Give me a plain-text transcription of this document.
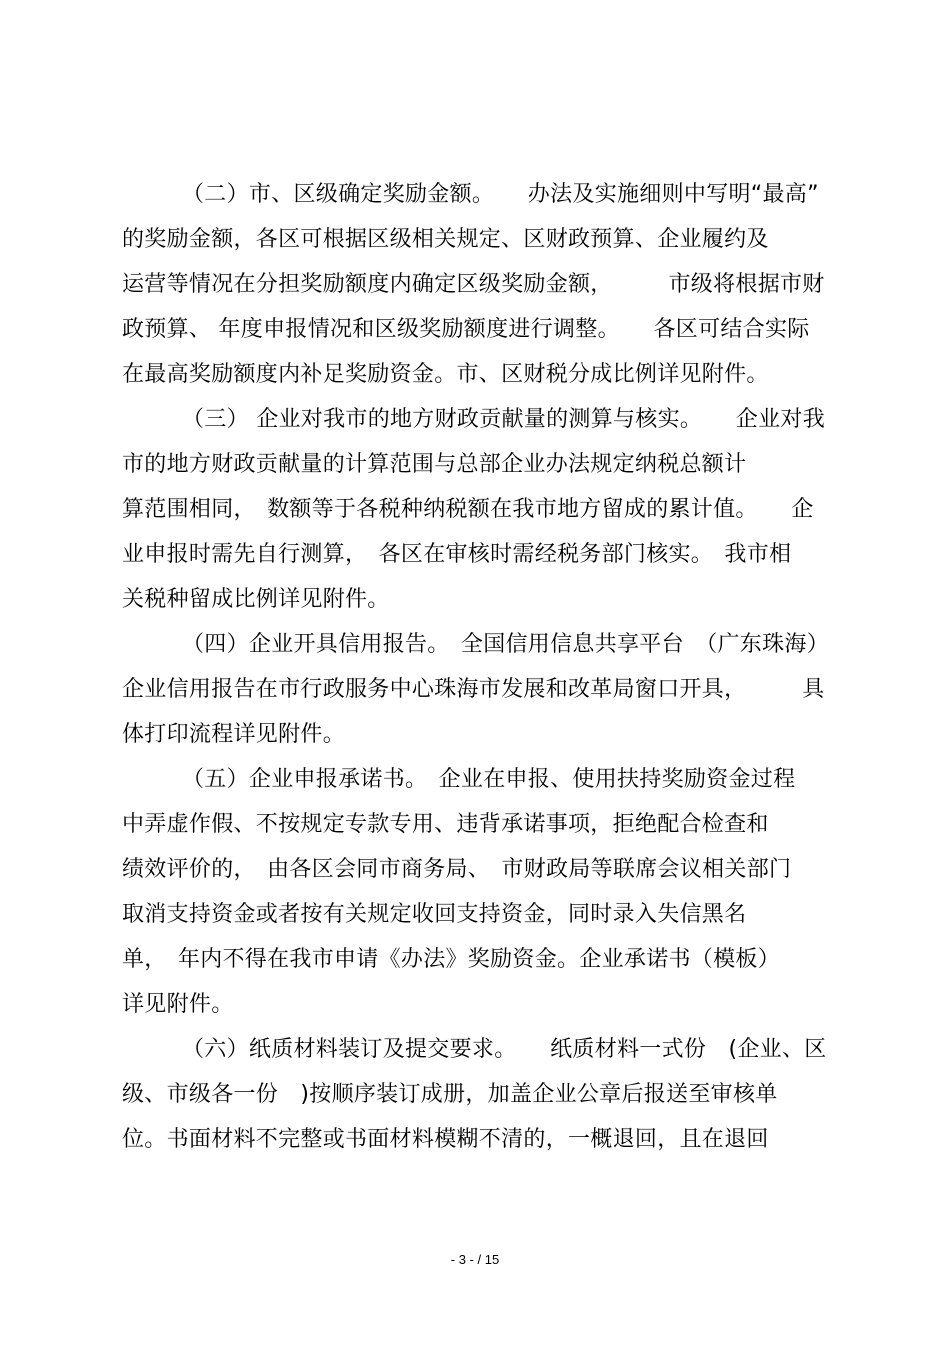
（二）市、区级确定奖励金额。　　办法及实施细则中写明“最高”
的奖励金额，各区可根据区级相关规定、区财政预算、企业履约及
运营等情况在分担奖励额度内确定区级奖励金额，　　　市级将根据市财
政预算、 年度申报情况和区级奖励额度进行调整。　　各区可结合实际
在最高奖励额度内补足奖励资金。市、区财税分成比例详见附件。
（三） 企业对我市的地方财政贡献量的测算与核实。　　企业对我
市的地方财政贡献量的计算范围与总部企业办法规定纳税总额计
算范围相同，　数额等于各税种纳税额在我市地方留成的累计值。　　企
业申报时需先自行测算，　各区在审核时需经税务部门核实。　我市相
关税种留成比例详见附件。
（四）企业开具信用报告。　全国信用信息共享平台　（广东珠海）
企业信用报告在市行政服务中心珠海市发展和改革局窗口开具，　　　具
体打印流程详见附件。
（五）企业申报承诺书。　企业在申报、使用扶持奖励资金过程
中弄虚作假、不按规定专款专用、违背承诺事项，拒绝配合检查和
绩效评价的，　由各区会同市商务局、　市财政局等联席会议相关部门
取消支持资金或者按有关规定收回支持资金，同时录入失信黑名
单，　年内不得在我市申请《办法》奖励资金。企业承诺书（模板）
详见附件。
（六）纸质材料装订及提交要求。　　纸质材料一式份　(企业、区
级、市级各一份　)按顺序装订成册，加盖企业公章后报送至审核单
位。书面材料不完整或书面材料模糊不清的，一概退回，且在退回
- 3 - / 15
